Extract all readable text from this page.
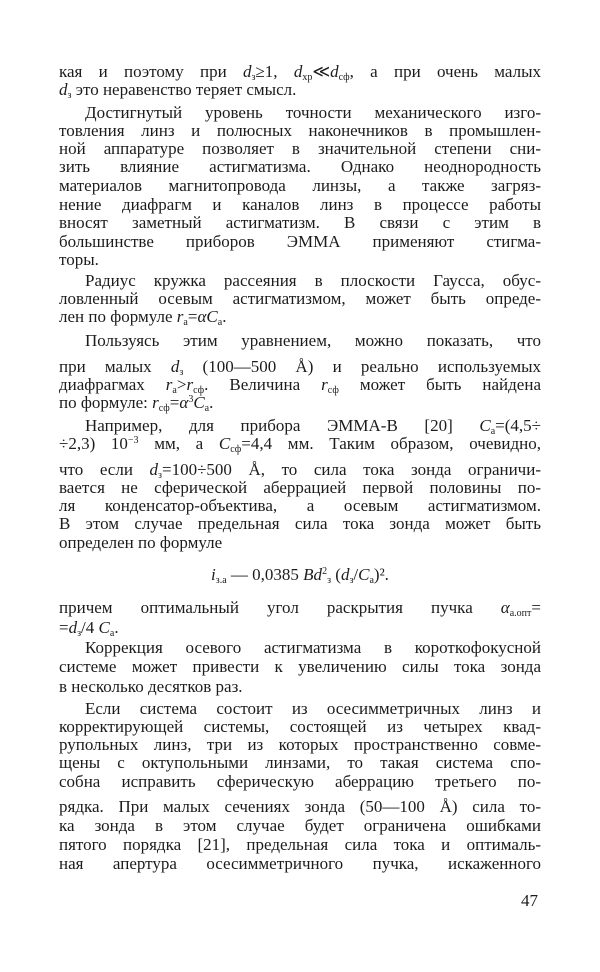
кая и поэтому при $d_з\ge 1$, $d_{хр}≪d_{сф}$, а при очень малых
$d_з$ это неравенство теряет смысл.
Достигнутый уровень точности механического изго-
товления линз и полюсных наконечников в промышлен-
ной аппаратуре позволяет в значительной степени сни-
зить влияние астигматизма. Однако неоднородность
материалов магнитопровода линзы, а также загряз-
нение диафрагм и каналов линз в процессе работы
вносят заметный астигматизм. В связи с этим в
большинстве приборов ЭММА применяют стигма-
торы.
Радиус кружка рассеяния в плоскости Гаусса, обус-
ловленный осевым астигматизмом, может быть опреде-
лен по формуле $r_а=\alpha C_а$.
Пользуясь этим уравнением, можно показать, что
при малых $d_з$ (100—500 Å) и реально используемых
диафрагмах $r_а>r_{сф}$. Величина $r_{сф}$ может быть найдена
по формуле: $r_{сф}=\alpha^3C_а$.
Например, для прибора ЭММА-В [20] $C_а=(4,5\div$
÷2,3) $10^{-3}$ мм, а $C_{сф}=4,4$ мм. Таким образом, очевидно,
что если $d_з=100\div 500$ Å, то сила тока зонда ограничи-
вается не сферической аберрацией первой половины по-
ля конденсатор-объектива, а осевым астигматизмом.
В этом случае предельная сила тока зонда может быть
определен по формуле
$i_{з.а}$ — 0,0385 $Bd^2_з$ $(d_з/C_а)^2$.
причем оптимальный угол раскрытия пучка $\alpha_{а.опт}=$
$=d_з/4$ $C_а$.
Коррекция осевого астигматизма в короткофокусной
системе может привести к увеличению силы тока зонда
в несколько десятков раз.
Если система состоит из осесимметричных линз и
корректирующей системы, состоящей из четырех квад-
рупольных линз, три из которых пространственно совме-
щены с октупольными линзами, то такая система спо-
собна исправить сферическую аберрацию третьего по-
рядка. При малых сечениях зонда (50—100 Å) сила то-
ка зонда в этом случае будет ограничена ошибками
пятого порядка [21], предельная сила тока и оптималь-
ная апертура осесимметричного пучка, искаженного
47
